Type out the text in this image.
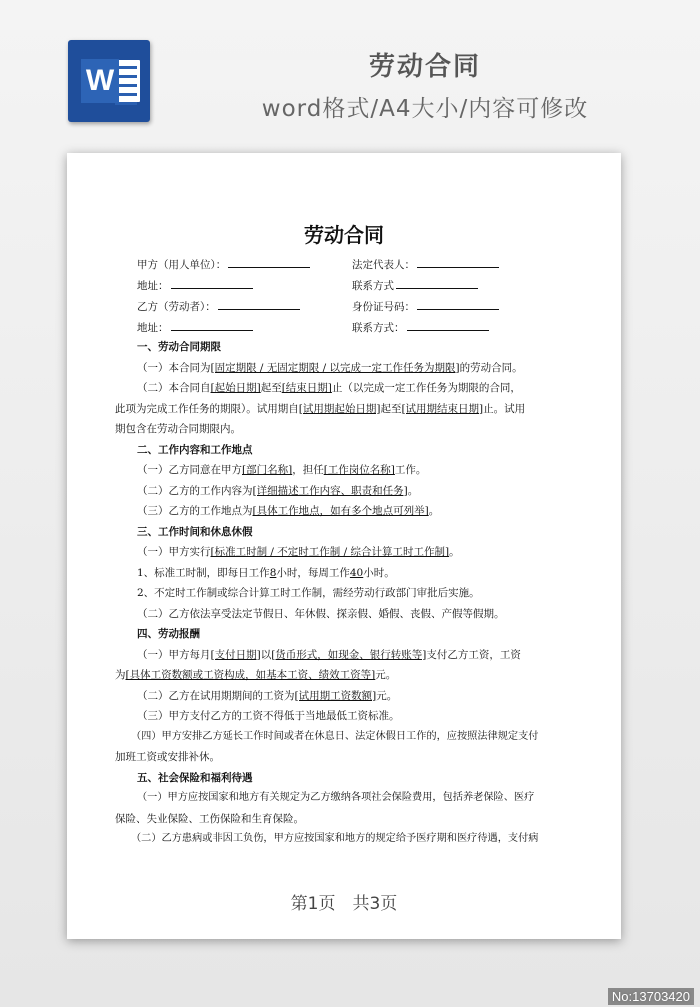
W	劳动合同
word格式/A4大小/内容可修改
劳动合同
甲方（用人单位）：	法定代表人：
地址：	联系方式
乙方（劳动者）：	身份证号码：
地址：	联系方式：

一、劳动合同期限

（一）本合同为[固定期限 / 无固定期限 / 以完成一定工作任务为期限]的劳动合同。

（二）本合同自[起始日期]起至[结束日期]止（以完成一定工作任务为期限的合同，

此项为完成工作任务的期限）。试用期自[试用期起始日期]起至[试用期结束日期]止。试用

期包含在劳动合同期限内。

二、工作内容和工作地点

（一）乙方同意在甲方[部门名称]，担任[工作岗位名称]工作。

（二）乙方的工作内容为[详细描述工作内容、职责和任务]。

（三）乙方的工作地点为[具体工作地点，如有多个地点可列举]。

三、工作时间和休息休假

（一）甲方实行[标准工时制 / 不定时工作制 / 综合计算工时工作制]。

1、标准工时制，即每日工作8小时，每周工作40小时。

2、不定时工作制或综合计算工时工作制，需经劳动行政部门审批后实施。

（二）乙方依法享受法定节假日、年休假、探亲假、婚假、丧假、产假等假期。

四、劳动报酬

（一）甲方每月[支付日期]以[货币形式，如现金、银行转账等]支付乙方工资，工资

为[具体工资数额或工资构成，如基本工资、绩效工资等]元。

（二）乙方在试用期期间的工资为[试用期工资数额]元。

（三）甲方支付乙方的工资不得低于当地最低工资标准。

（四）甲方安排乙方延长工作时间或者在休息日、法定休假日工作的，应按照法律规定支付

加班工资或安排补休。

五、社会保险和福利待遇

（一）甲方应按国家和地方有关规定为乙方缴纳各项社会保险费用，包括养老保险、医疗

保险、失业保险、工伤保险和生育保险。

（二）乙方患病或非因工负伤，甲方应按国家和地方的规定给予医疗期和医疗待遇，支付病

第1页　共3页
No:13703420
